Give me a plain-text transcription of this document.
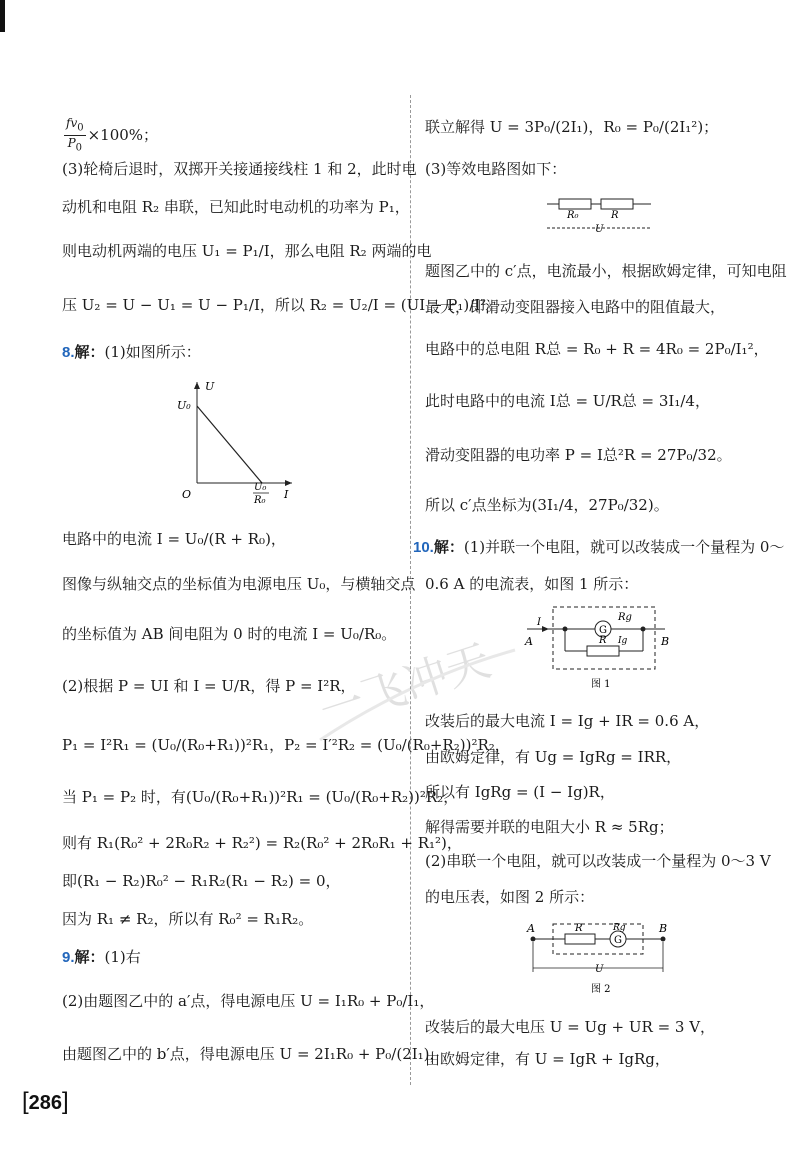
$\frac{fv_0}{P_0} \times 100\%$；
(3)轮椅后退时，双掷开关接通接线柱 1 和 2，此时电
动机和电阻 R₂ 串联，已知此时电动机的功率为 P₁，
则电动机两端的电压 U₁ = P₁/I，那么电阻 R₂ 两端的电
压 U₂ = U − U₁ = U − P₁/I，所以 R₂ = U₂/I = (UI − P₁)/I²。
8.解：(1)如图所示：
U
U₀
O	I
U₀
R₀
电路中的电流 I = U₀/(R + R₀)，
图像与纵轴交点的坐标值为电源电压 U₀，与横轴交点
的坐标值为 AB 间电阻为 0 时的电流 I = U₀/R₀。
(2)根据 P = UI 和 I = U/R，得 P = I²R，
P₁ = I²R₁ = (U₀/(R₀+R₁))²R₁，P₂ = I′²R₂ = (U₀/(R₀+R₂))²R₂，
当 P₁ = P₂ 时，有(U₀/(R₀+R₁))²R₁ = (U₀/(R₀+R₂))²R₂，
则有 R₁(R₀² + 2R₀R₂ + R₂²) = R₂(R₀² + 2R₀R₁ + R₁²)，
即(R₁ − R₂)R₀² − R₁R₂(R₁ − R₂) = 0，
因为 R₁ ≠ R₂，所以有 R₀² = R₁R₂。
9.解：(1)右
(2)由题图乙中的 a′点，得电源电压 U = I₁R₀ + P₀/I₁，
由题图乙中的 b′点，得电源电压 U = 2I₁R₀ + P₀/(2I₁)，
联立解得 U = 3P₀/(2I₁)，R₀ = P₀/(2I₁²)；
(3)等效电路图如下：
R₀	R
U
题图乙中的 c′点，电流最小，根据欧姆定律，可知电阻
最大，即滑动变阻器接入电路中的阻值最大，
电路中的总电阻 R总 = R₀ + R = 4R₀ = 2P₀/I₁²，
此时电路中的电流 I总 = U/R总 = 3I₁/4，
滑动变阻器的电功率 P = I总²R = 27P₀/32。
所以 c′点坐标为(3I₁/4，27P₀/32)。
10.解：(1)并联一个电阻，就可以改装成一个量程为 0～
0.6 A 的电流表，如图 1 所示：
G
Rg
Ig
R
I
A	B
图 1
改装后的最大电流 I = Ig + IR = 0.6 A，
由欧姆定律，有 Ug = IgRg = IRR，
所以有 IgRg = (I − Ig)R，
解得需要并联的电阻大小 R ≈ 5Rg；
(2)串联一个电阻，就可以改装成一个量程为 0～3 V
的电压表，如图 2 所示：
G
A	B
R	Rg
U
图 2
改装后的最大电压 U = Ug + UR = 3 V，
由欧姆定律，有 U = IgR + IgRg，
一飞冲天
[286]
